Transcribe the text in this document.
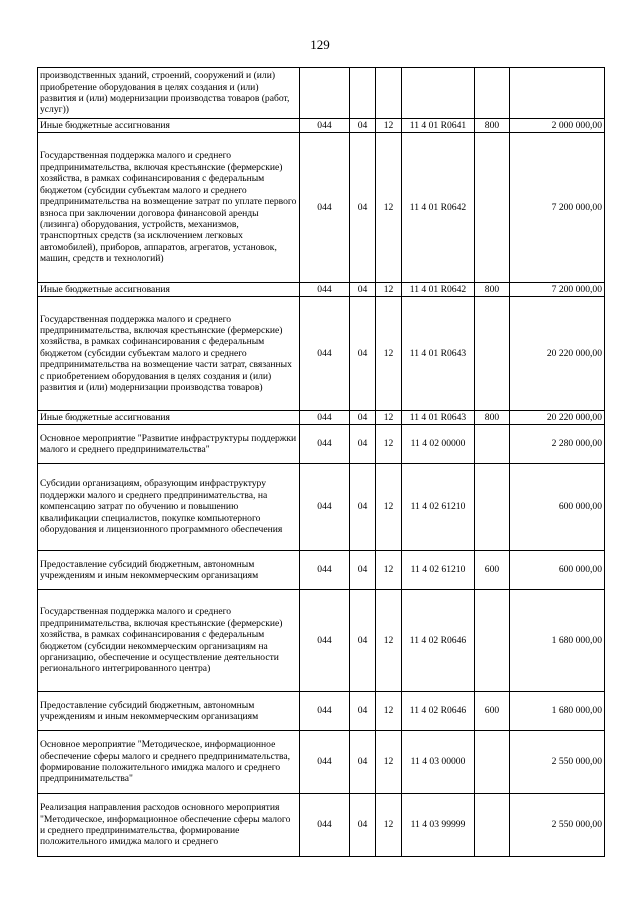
129
производственных зданий, строений, сооружений и (или) приобретение оборудования в целях создания и (или) развития и (или) модернизации производства товаров (работ, услуг))						
Иные бюджетные ассигнования	044	04	12	11 4 01 R0641	800	2 000 000,00
Государственная поддержка малого и среднего предпринимательства, включая крестьянские (фермерские) хозяйства, в рамках софинансирования с федеральным бюджетом (субсидии субъектам малого и среднего предпринимательства на возмещение затрат по уплате первого взноса при заключении договора финансовой аренды (лизинга) оборудования, устройств, механизмов, транспортных средств (за исключением легковых автомобилей), приборов, аппаратов, агрегатов, установок, машин, средств и технологий)	044	04	12	11 4 01 R0642		7 200 000,00
Иные бюджетные ассигнования	044	04	12	11 4 01 R0642	800	7 200 000,00
Государственная поддержка малого и среднего предпринимательства, включая крестьянские (фермерские) хозяйства, в рамках софинансирования с федеральным бюджетом (субсидии субъектам малого и среднего предпринимательства на возмещение части затрат, связанных с приобретением оборудования в целях создания и (или) развития и (или) модернизации производства товаров)	044	04	12	11 4 01 R0643		20 220 000,00
Иные бюджетные ассигнования	044	04	12	11 4 01 R0643	800	20 220 000,00
Основное мероприятие "Развитие инфраструктуры поддержки малого и среднего предпринимательства"	044	04	12	11 4 02 00000		2 280 000,00
Субсидии организациям, образующим инфраструктуру поддержки малого и среднего предпринимательства, на компенсацию затрат по обучению и повышению квалификации специалистов, покупке компьютерного оборудования и лицензионного программного обеспечения	044	04	12	11 4 02 61210		600 000,00
Предоставление субсидий бюджетным, автономным учреждениям и иным некоммерческим организациям	044	04	12	11 4 02 61210	600	600 000,00
Государственная поддержка малого и среднего предпринимательства, включая крестьянские (фермерские) хозяйства, в рамках софинансирования с федеральным бюджетом (субсидии некоммерческим организациям на организацию, обеспечение и осуществление деятельности регионального интегрированного центра)	044	04	12	11 4 02 R0646		1 680 000,00
Предоставление субсидий бюджетным, автономным учреждениям и иным некоммерческим организациям	044	04	12	11 4 02 R0646	600	1 680 000,00
Основное мероприятие "Методическое, информационное обеспечение сферы малого и среднего предпринимательства, формирование положительного имиджа малого и среднего предпринимательства"	044	04	12	11 4 03 00000		2 550 000,00
Реализация направления расходов основного мероприятия "Методическое, информационное обеспечение сферы малого и среднего предпринимательства, формирование положительного имиджа малого и среднего	044	04	12	11 4 03 99999		2 550 000,00
